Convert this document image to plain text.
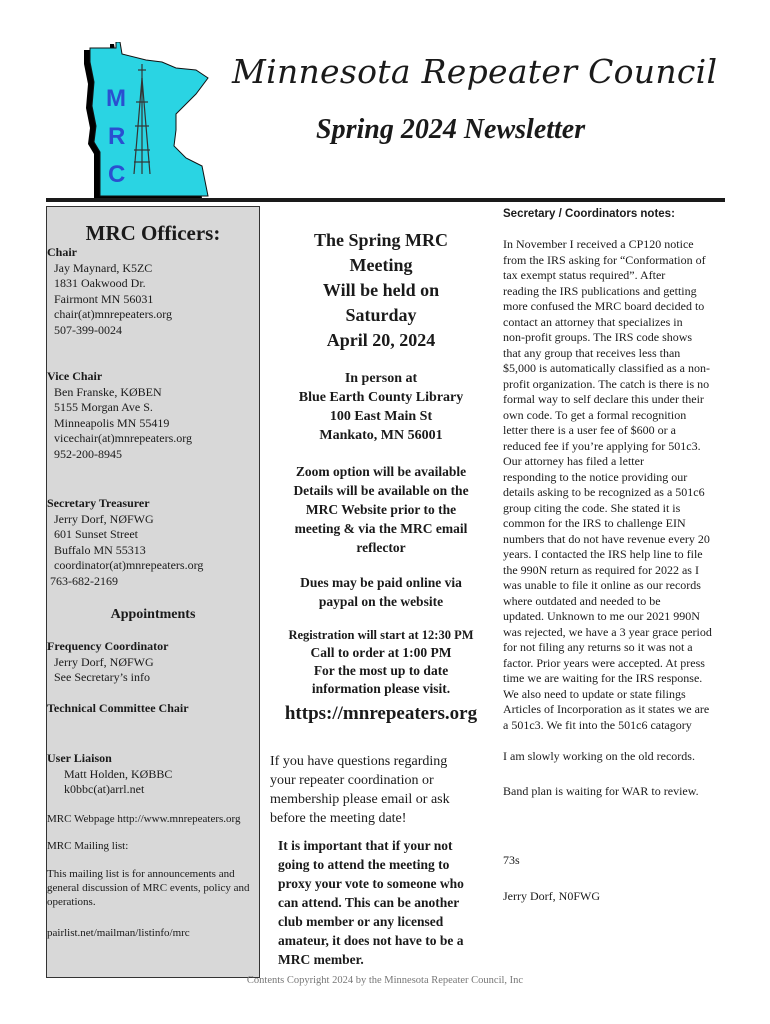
M
R
C
Minnesota Repeater Council
Spring 2024 Newsletter
MRC Officers:
Chair
Jay Maynard, K5ZC
1831 Oakwood Dr.
Fairmont MN 56031
chair(at)mnrepeaters.org
507-399-0024
Vice Chair
Ben Franske, KØBEN
5155 Morgan Ave S.
Minneapolis MN 55419
vicechair(at)mnrepeaters.org
952-200-8945
Secretary Treasurer
Jerry Dorf, NØFWG
601 Sunset Street
Buffalo MN 55313
coordinator(at)mnrepeaters.org
763-682-2169
Appointments
Frequency Coordinator
Jerry Dorf, NØFWG
See Secretary’s info
Technical Committee Chair
User Liaison
Matt Holden, KØBBC
k0bbc(at)arrl.net
MRC Webpage http://www.mnrepeaters.org
MRC Mailing list:
This mailing list is for announcements and
general discussion of MRC events, policy and
operations.
pairlist.net/mailman/listinfo/mrc
The Spring MRC
Meeting
Will be held on
Saturday
April 20, 2024
In person at
Blue Earth County Library
100 East Main St
Mankato, MN 56001
Zoom option will be available
Details will be available on the
MRC Website prior to the
meeting & via the MRC email
reflector
Dues may be paid online via
paypal on the website
Registration will start at 12:30 PM
Call to order at 1:00 PM
For the most up to date
information please visit.
https://mnrepeaters.org
If you have questions regarding
your repeater coordination or
membership please email or ask
before the meeting date!
It is important that if your not
going to attend the meeting to
proxy your vote to someone who
can attend. This can be another
club member or any licensed
amateur, it does not have to be a
MRC member.
Secretary / Coordinators notes:
In November I received a CP120 notice
from the IRS asking for “Conformation of
tax exempt status required”. After
reading the IRS publications and getting
more confused the MRC board decided to
contact an attorney that specializes in
non-profit groups. The IRS code shows
that any group that receives less than
$5,000 is automatically classified as a non-
profit organization. The catch is there is no
formal way to self declare this under their
own code. To get a formal recognition
letter there is a user fee of $600 or a
reduced fee if you’re applying for 501c3.
Our attorney has filed a letter
responding to the notice providing our
details asking to be recognized as a 501c6
group citing the code. She stated it is
common for the IRS to challenge EIN
numbers that do not have revenue every 20
years. I contacted the IRS help line to file
the 990N return as required for 2022 as I
was unable to file it online as our records
where outdated and needed to be
updated. Unknown to me our 2021 990N
was rejected, we have a 3 year grace period
for not filing any returns so it was not a
factor. Prior years were accepted. At press
time we are waiting for the IRS response.
We also need to update or state filings
Articles of Incorporation as it states we are
a 501c3. We fit into the 501c6 catagory
I am slowly working on the old records.
Band plan is waiting for WAR to review.
73s
Jerry Dorf, N0FWG
Contents Copyright 2024 by the Minnesota Repeater Council, Inc
